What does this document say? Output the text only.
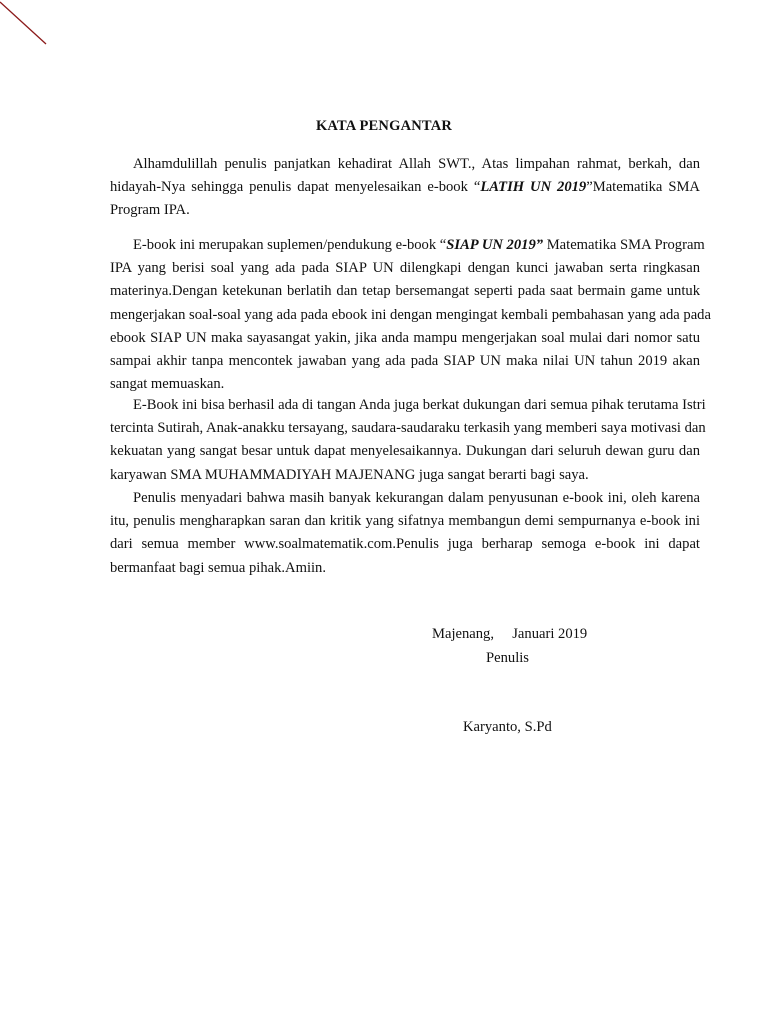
KATA PENGANTAR
Alhamdulillah penulis panjatkan kehadirat Allah SWT., Atas limpahan rahmat, berkah, dan
hidayah-Nya sehingga penulis dapat menyelesaikan e-book “LATIH UN 2019”Matematika SMA
Program IPA.
E-book ini merupakan suplemen/pendukung e-book “SIAP UN 2019” Matematika SMA Program
IPA yang berisi soal yang ada pada SIAP UN dilengkapi dengan kunci jawaban serta ringkasan
materinya.Dengan ketekunan berlatih dan tetap bersemangat seperti pada saat bermain game untuk
mengerjakan soal-soal yang ada pada ebook ini dengan mengingat kembali pembahasan yang ada pada
ebook SIAP UN maka sayasangat yakin, jika anda mampu mengerjakan soal mulai dari nomor satu
sampai akhir tanpa mencontek jawaban yang ada pada SIAP UN maka nilai UN tahun 2019 akan
sangat memuaskan.
E-Book ini bisa berhasil ada di tangan Anda juga berkat dukungan dari semua pihak terutama Istri
tercinta Sutirah, Anak-anakku tersayang, saudara-saudaraku terkasih yang memberi saya motivasi dan
kekuatan yang sangat besar untuk dapat menyelesaikannya. Dukungan dari seluruh dewan guru dan
karyawan SMA MUHAMMADIYAH MAJENANG juga sangat berarti bagi saya.
Penulis menyadari bahwa masih banyak kekurangan dalam penyusunan e-book ini, oleh karena
itu, penulis mengharapkan saran dan kritik yang sifatnya membangun demi sempurnanya e-book ini
dari semua member www.soalmatematik.com.Penulis juga berharap semoga e-book ini dapat
bermanfaat bagi semua pihak.Amiin.
Majenang,     Januari 2019
Penulis
Karyanto, S.Pd
